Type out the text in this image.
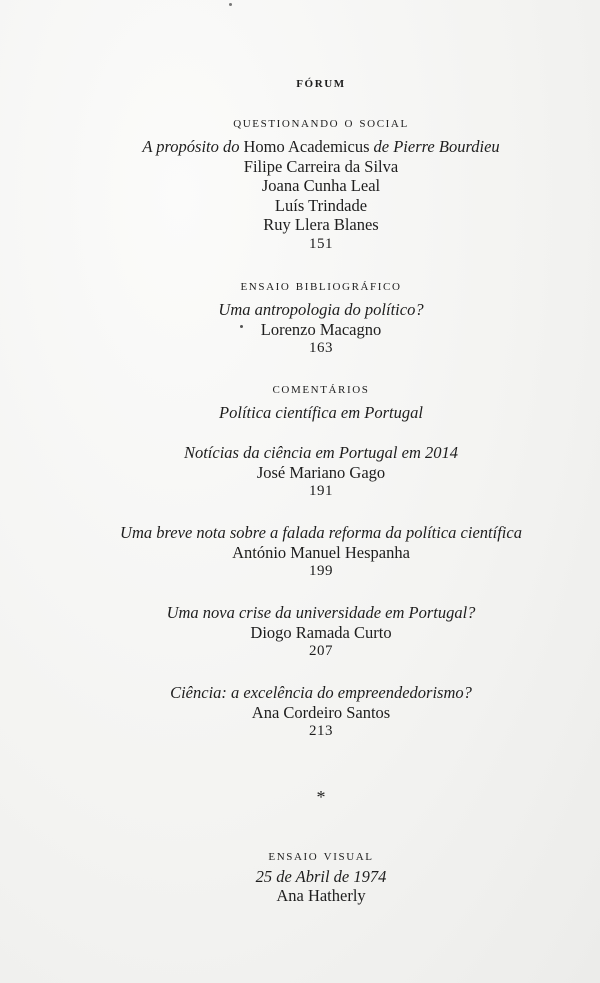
fórum
questionando o social
A propósito do Homo Academicus de Pierre Bourdieu
Filipe Carreira da Silva
Joana Cunha Leal
Luís Trindade
Ruy Llera Blanes
151
ensaio bibliográfico
Uma antropologia do político?
Lorenzo Macagno
163
comentários
Política científica em Portugal
Notícias da ciência em Portugal em 2014
José Mariano Gago
191
Uma breve nota sobre a falada reforma da política científica
António Manuel Hespanha
199
Uma nova crise da universidade em Portugal?
Diogo Ramada Curto
207
Ciência: a excelência do empreendedorismo?
Ana Cordeiro Santos
213
*
ensaio visual
25 de Abril de 1974
Ana Hatherly
